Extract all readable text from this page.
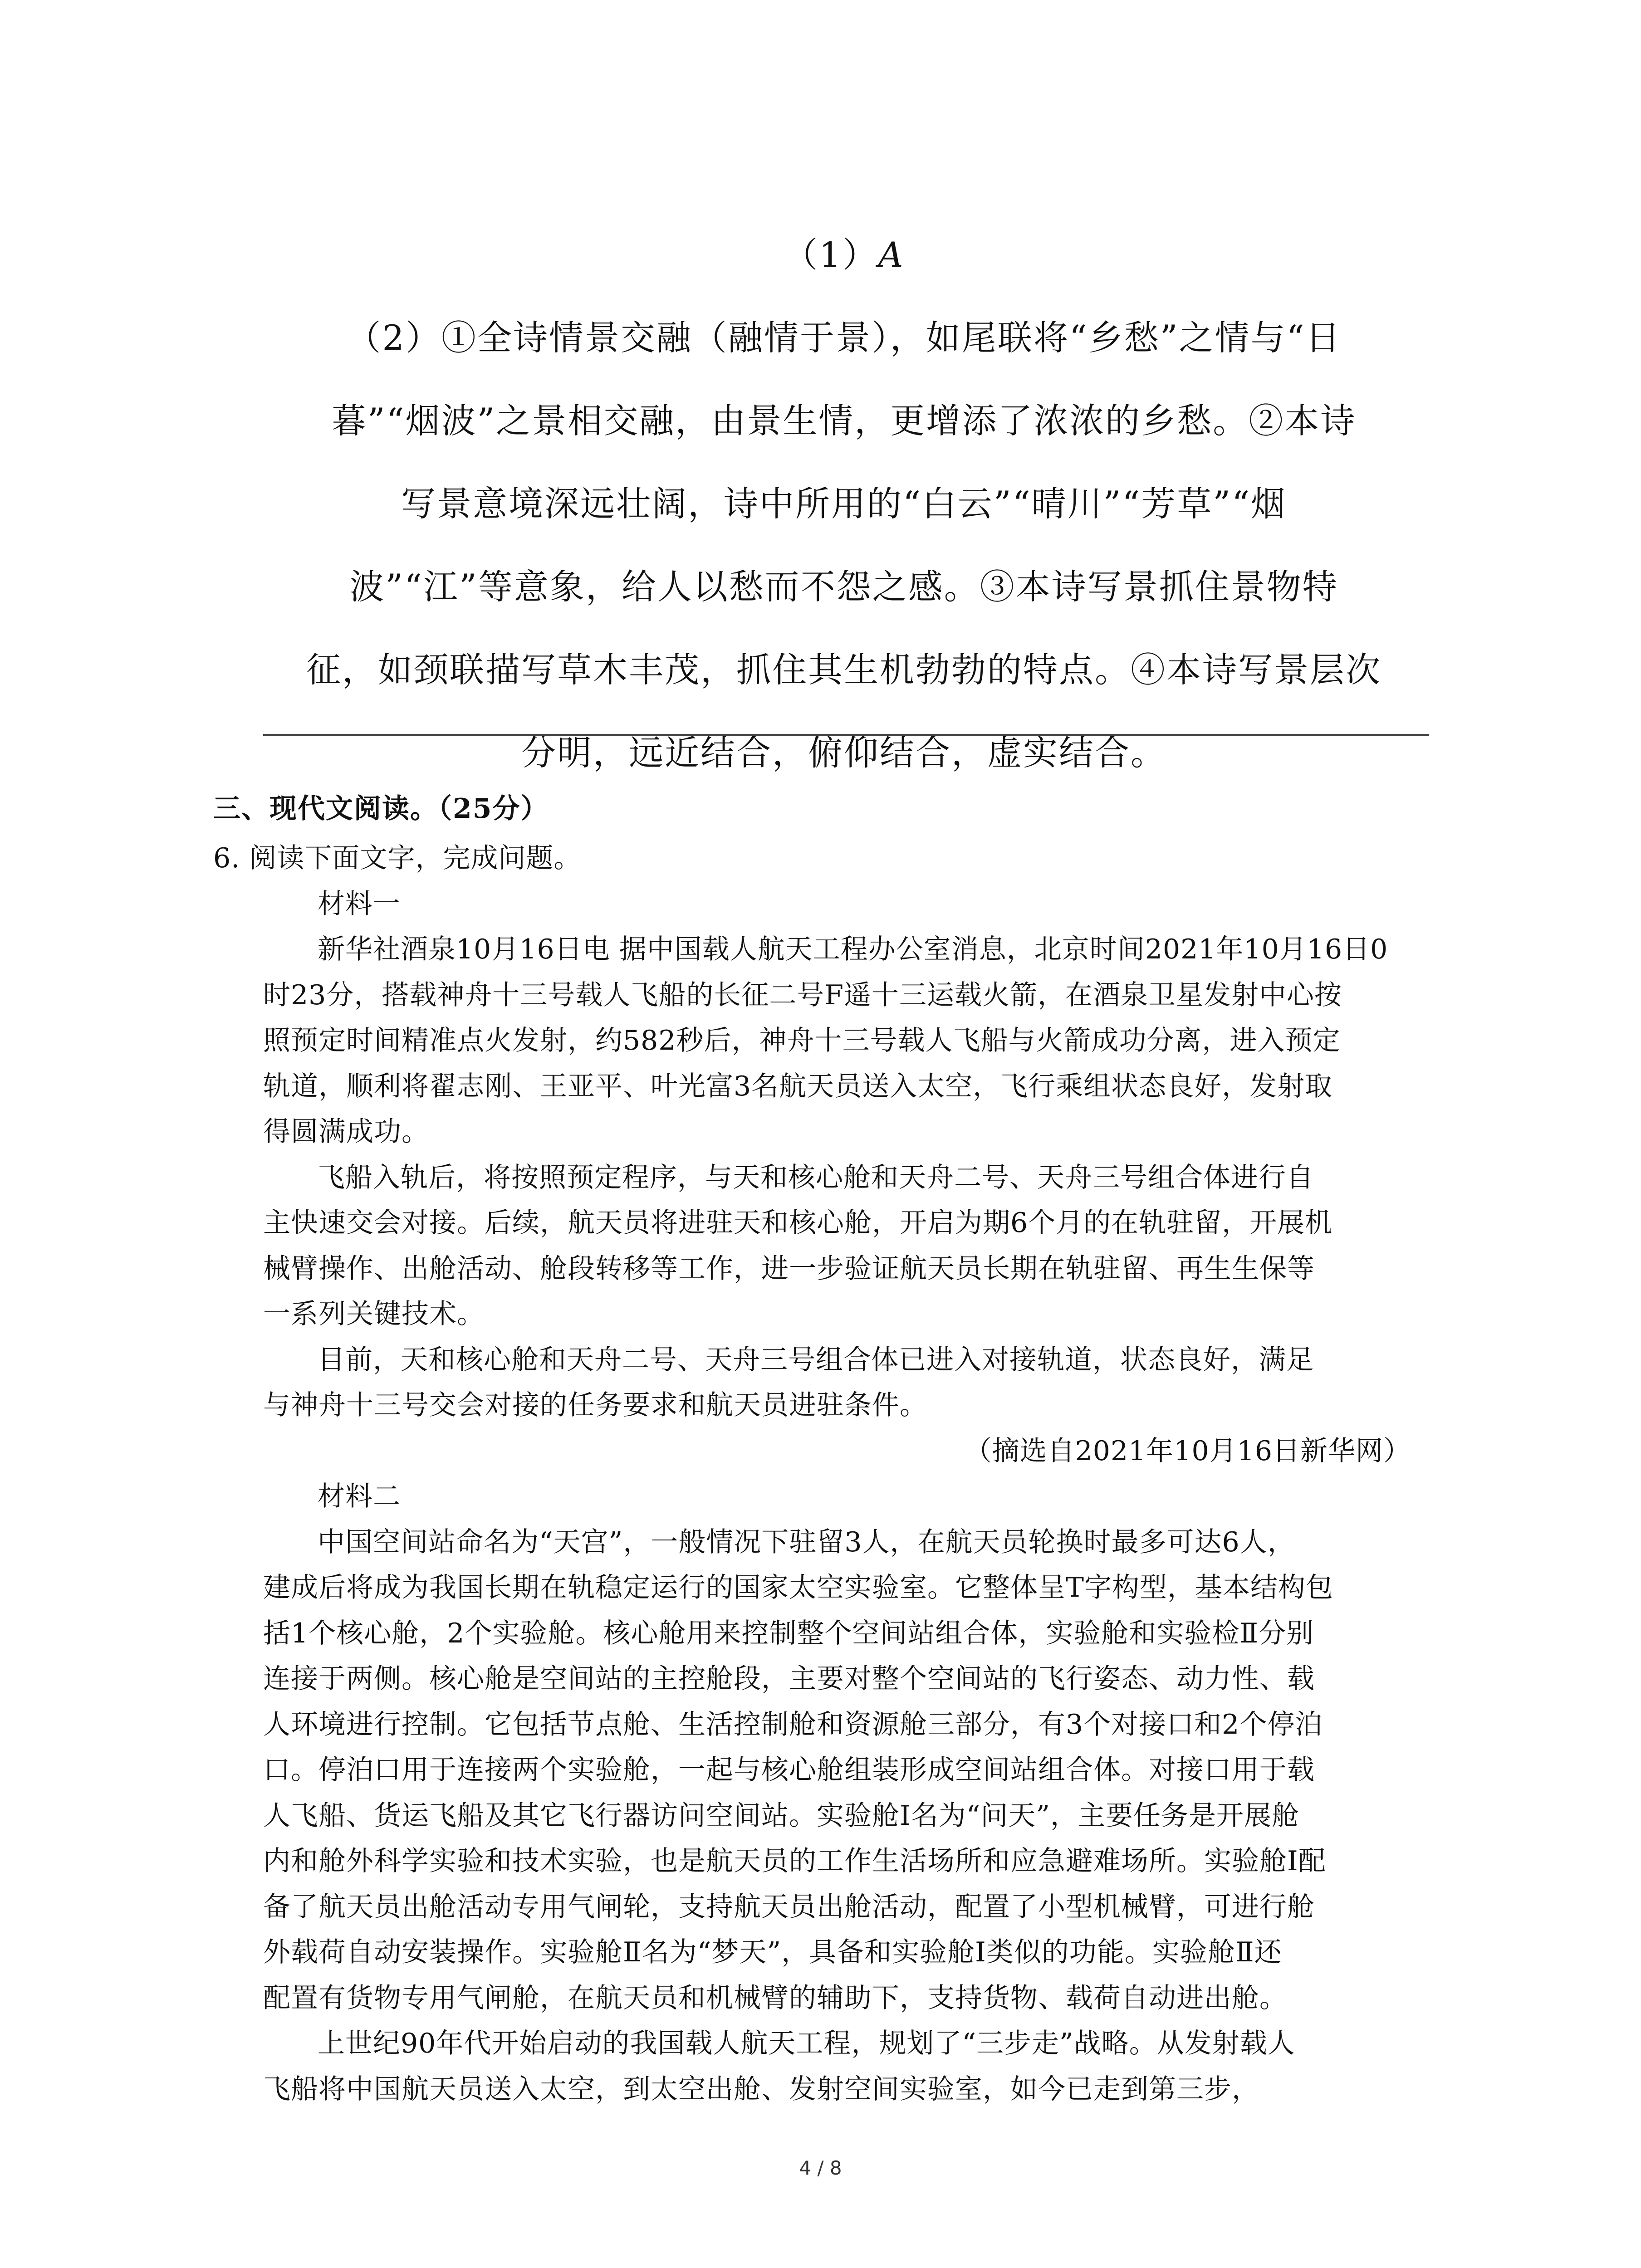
（1）A
（2）①全诗情景交融（融情于景），如尾联将“乡愁”之情与“日
暮”“烟波”之景相交融，由景生情，更增添了浓浓的乡愁。②本诗
写景意境深远壮阔，诗中所用的“白云”“晴川”“芳草”“烟
波”“江”等意象，给人以愁而不怨之感。③本诗写景抓住景物特
征，如颈联描写草木丰茂，抓住其生机勃勃的特点。④本诗写景层次
分明，远近结合，俯仰结合，虚实结合。
三、现代文阅读。（25分）

6. 阅读下面文字，完成问题。

材料一

新华社酒泉10月16日电 据中国载人航天工程办公室消息，北京时间2021年10月16日0

时23分，搭载神舟十三号载人飞船的长征二号F遥十三运载火箭，在酒泉卫星发射中心按

照预定时间精准点火发射，约582秒后，神舟十三号载人飞船与火箭成功分离，进入预定

轨道，顺利将翟志刚、王亚平、叶光富3名航天员送入太空，飞行乘组状态良好，发射取

得圆满成功。

飞船入轨后，将按照预定程序，与天和核心舱和天舟二号、天舟三号组合体进行自

主快速交会对接。后续，航天员将进驻天和核心舱，开启为期6个月的在轨驻留，开展机

械臂操作、出舱活动、舱段转移等工作，进一步验证航天员长期在轨驻留、再生生保等

一系列关键技术。

目前，天和核心舱和天舟二号、天舟三号组合体已进入对接轨道，状态良好，满足

与神舟十三号交会对接的任务要求和航天员进驻条件。

（摘选自2021年10月16日新华网）

材料二

中国空间站命名为“天宫”，一般情况下驻留3人，在航天员轮换时最多可达6人，

建成后将成为我国长期在轨稳定运行的国家太空实验室。它整体呈T字构型，基本结构包

括1个核心舱，2个实验舱。核心舱用来控制整个空间站组合体，实验舱和实验检Ⅱ分别

连接于两侧。核心舱是空间站的主控舱段，主要对整个空间站的飞行姿态、动力性、载

人环境进行控制。它包括节点舱、生活控制舱和资源舱三部分，有3个对接口和2个停泊

口。停泊口用于连接两个实验舱，一起与核心舱组装形成空间站组合体。对接口用于载

人飞船、货运飞船及其它飞行器访问空间站。实验舱I名为“问天”，主要任务是开展舱

内和舱外科学实验和技术实验，也是航天员的工作生活场所和应急避难场所。实验舱I配

备了航天员出舱活动专用气闸轮，支持航天员出舱活动，配置了小型机械臂，可进行舱

外载荷自动安装操作。实验舱Ⅱ名为“梦天”，具备和实验舱I类似的功能。实验舱Ⅱ还

配置有货物专用气闸舱，在航天员和机械臂的辅助下，支持货物、载荷自动进出舱。

上世纪90年代开始启动的我国载人航天工程，规划了“三步走”战略。从发射载人

飞船将中国航天员送入太空，到太空出舱、发射空间实验室，如今已走到第三步，

4 / 8
